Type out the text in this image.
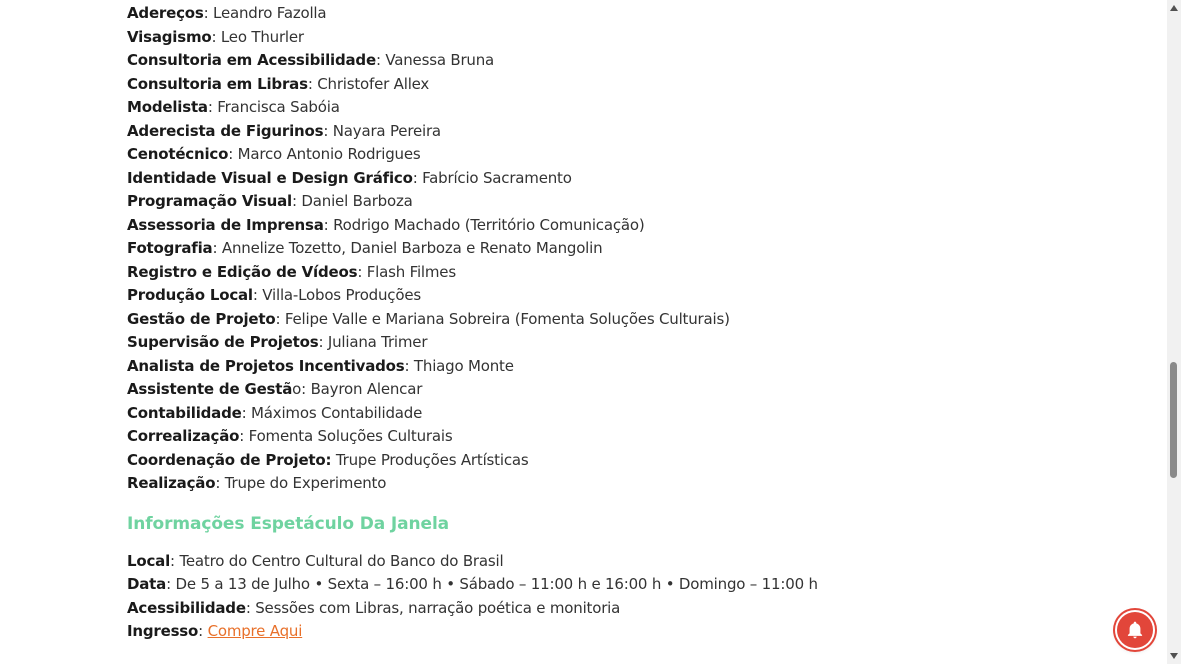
Adereços: Leandro Fazolla
Visagismo: Leo Thurler
Consultoria em Acessibilidade: Vanessa Bruna
Consultoria em Libras: Christofer Allex
Modelista: Francisca Sabóia
Aderecista de Figurinos: Nayara Pereira
Cenotécnico: Marco Antonio Rodrigues
Identidade Visual e Design Gráfico: Fabrício Sacramento
Programação Visual: Daniel Barboza
Assessoria de Imprensa: Rodrigo Machado (Território Comunicação)
Fotografia: Annelize Tozetto, Daniel Barboza e Renato Mangolin
Registro e Edição de Vídeos: Flash Filmes
Produção Local: Villa-Lobos Produções
Gestão de Projeto: Felipe Valle e Mariana Sobreira (Fomenta Soluções Culturais)
Supervisão de Projetos: Juliana Trimer
Analista de Projetos Incentivados: Thiago Monte
Assistente de Gestão: Bayron Alencar
Contabilidade: Máximos Contabilidade
Correalização: Fomenta Soluções Culturais
Coordenação de Projeto: Trupe Produções Artísticas
Realização: Trupe do Experimento
Informações Espetáculo Da Janela
Local: Teatro do Centro Cultural do Banco do Brasil
Data: De 5 a 13 de Julho • Sexta – 16:00 h • Sábado – 11:00 h e 16:00 h • Domingo – 11:00 h
Acessibilidade: Sessões com Libras, narração poética e monitoria
Ingresso: Compre Aqui
